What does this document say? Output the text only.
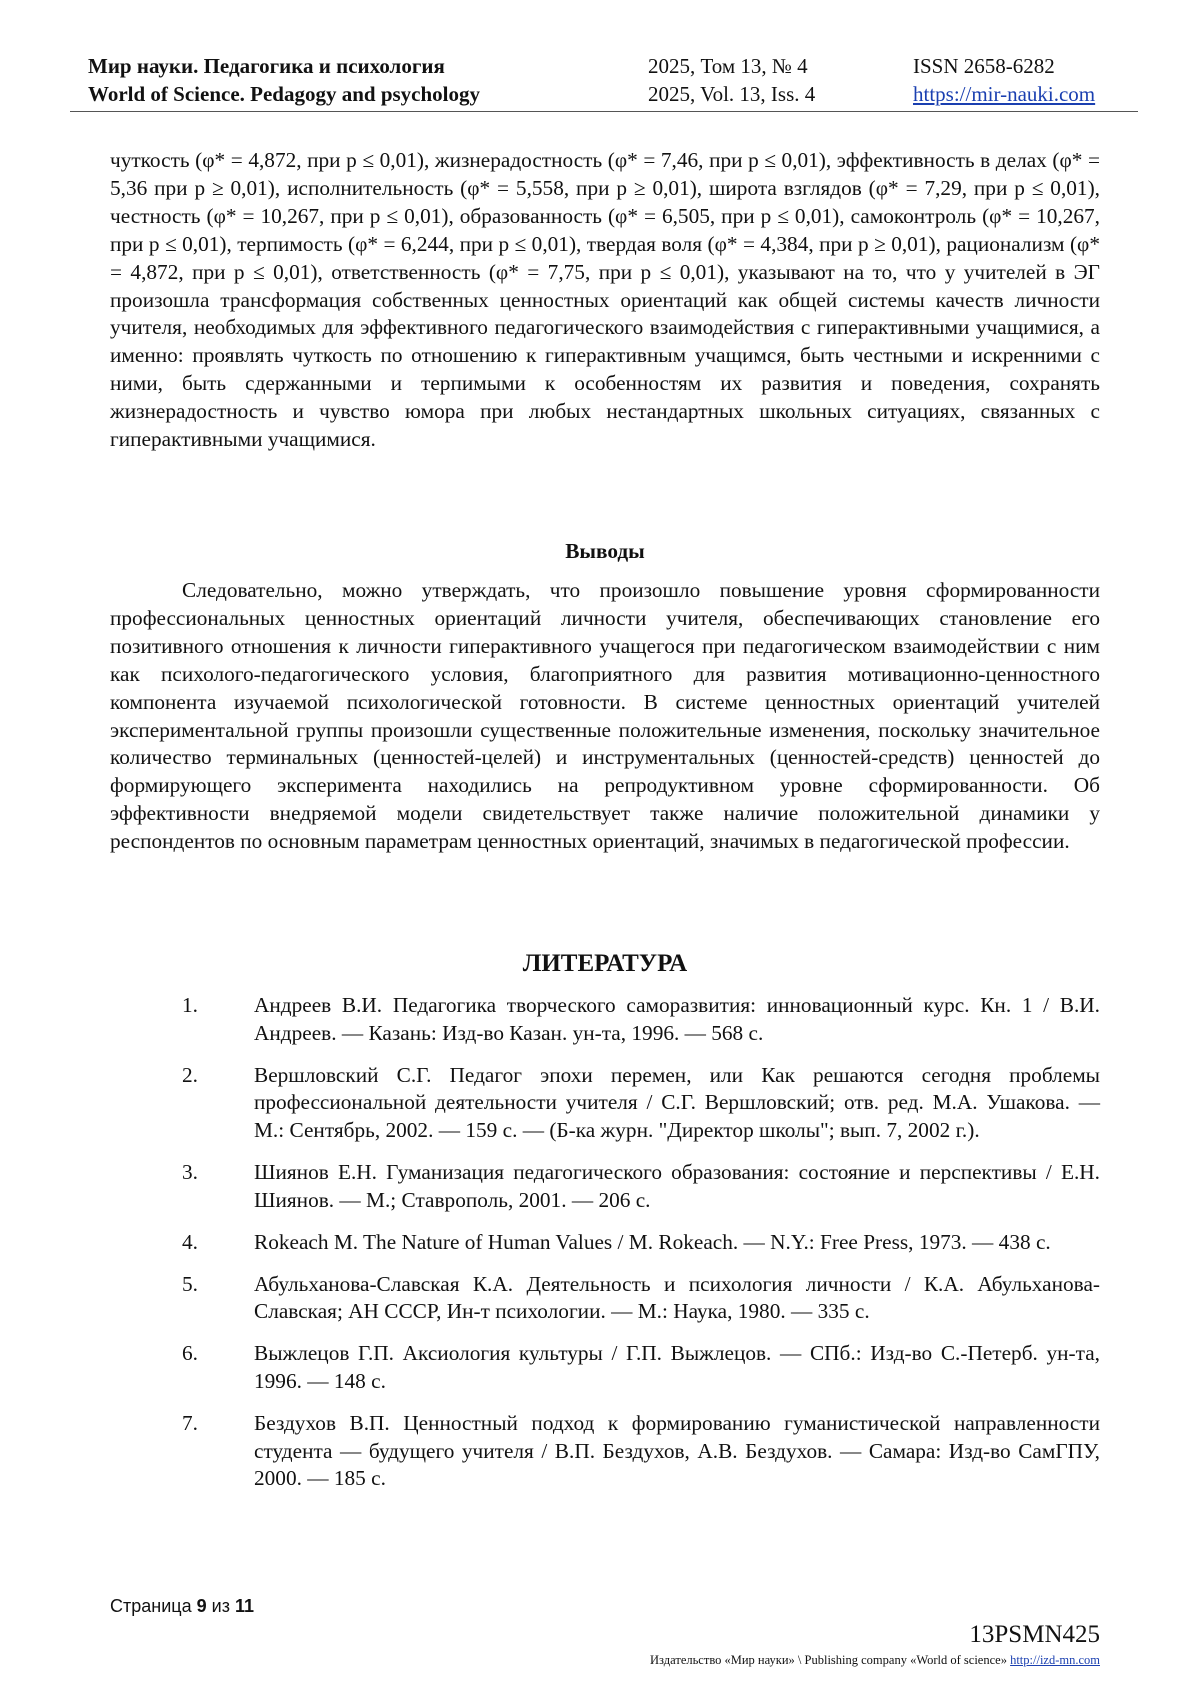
Мир науки. Педагогика и психология
World of Science. Pedagogy and psychology
2025, Том 13, № 4
2025, Vol. 13, Iss. 4
ISSN 2658-6282
https://mir-nauki.com

чуткость (φ* = 4,872, при p ≤ 0,01), жизнерадостность (φ* = 7,46, при p ≤ 0,01), эффективность в делах (φ* = 5,36 при p ≥ 0,01), исполнительность (φ* = 5,558, при p ≥ 0,01), широта взглядов (φ* = 7,29, при p ≤ 0,01), честность (φ* = 10,267, при p ≤ 0,01), образованность (φ* = 6,505, при p ≤ 0,01), самоконтроль (φ* = 10,267, при p ≤ 0,01), терпимость (φ* = 6,244, при p ≤ 0,01), твердая воля (φ* = 4,384, при p ≥ 0,01), рационализм (φ* = 4,872, при p ≤ 0,01), ответственность (φ* = 7,75, при p ≤ 0,01), указывают на то, что у учителей в ЭГ произошла трансформация собственных ценностных ориентаций как общей системы качеств личности учителя, необходимых для эффективного педагогического взаимодействия с гиперактивными учащимися, а именно: проявлять чуткость по отношению к гиперактивным учащимся, быть честными и искренними с ними, быть сдержанными и терпимыми к особенностям их развития и поведения, сохранять жизнерадостность и чувство юмора при любых нестандартных школьных ситуациях, связанных с гиперактивными учащимися.

Выводы

Следовательно, можно утверждать, что произошло повышение уровня сформированности профессиональных ценностных ориентаций личности учителя, обеспечивающих становление его позитивного отношения к личности гиперактивного учащегося при педагогическом взаимодействии с ним как психолого-педагогического условия, благоприятного для развития мотивационно-ценностного компонента изучаемой психологической готовности. В системе ценностных ориентаций учителей экспериментальной группы произошли существенные положительные изменения, поскольку значительное количество терминальных (ценностей-целей) и инструментальных (ценностей-средств) ценностей до формирующего эксперимента находились на репродуктивном уровне сформированности. Об эффективности внедряемой модели свидетельствует также наличие положительной динамики у респондентов по основным параметрам ценностных ориентаций, значимых в педагогической профессии.

ЛИТЕРАТУРА
1.	Андреев В.И. Педагогика творческого саморазвития: инновационный курс. Кн. 1 / В.И. Андреев. — Казань: Изд-во Казан. ун-та, 1996. — 568 с.
2.	Вершловский С.Г. Педагог эпохи перемен, или Как решаются сегодня проблемы профессиональной деятельности учителя / С.Г. Вершловский; отв. ред. М.А. Ушакова. — М.: Сентябрь, 2002. — 159 с. — (Б-ка журн. "Директор школы"; вып. 7, 2002 г.).
3.	Шиянов Е.Н. Гуманизация педагогического образования: состояние и перспективы / Е.Н. Шиянов. — М.; Ставрополь, 2001. — 206 с.
4.	Rokeach M. The Nature of Human Values / M. Rokeach. — N.Y.: Free Press, 1973. — 438 с.
5.	Абульханова-Славская К.А. Деятельность и психология личности / К.А. Абульханова-Славская; АН СССР, Ин-т психологии. — М.: Наука, 1980. — 335 с.
6.	Выжлецов Г.П. Аксиология культуры / Г.П. Выжлецов. — СПб.: Изд-во С.-Петерб. ун-та, 1996. — 148 с.
7.	Бездухов В.П. Ценностный подход к формированию гуманистической направленности студента — будущего учителя / В.П. Бездухов, А.В. Бездухов. — Самара: Изд-во СамГПУ, 2000. — 185 с.
Страница 9 из 11
13PSMN425
Издательство «Мир науки» \ Publishing company «World of science» http://izd-mn.com
